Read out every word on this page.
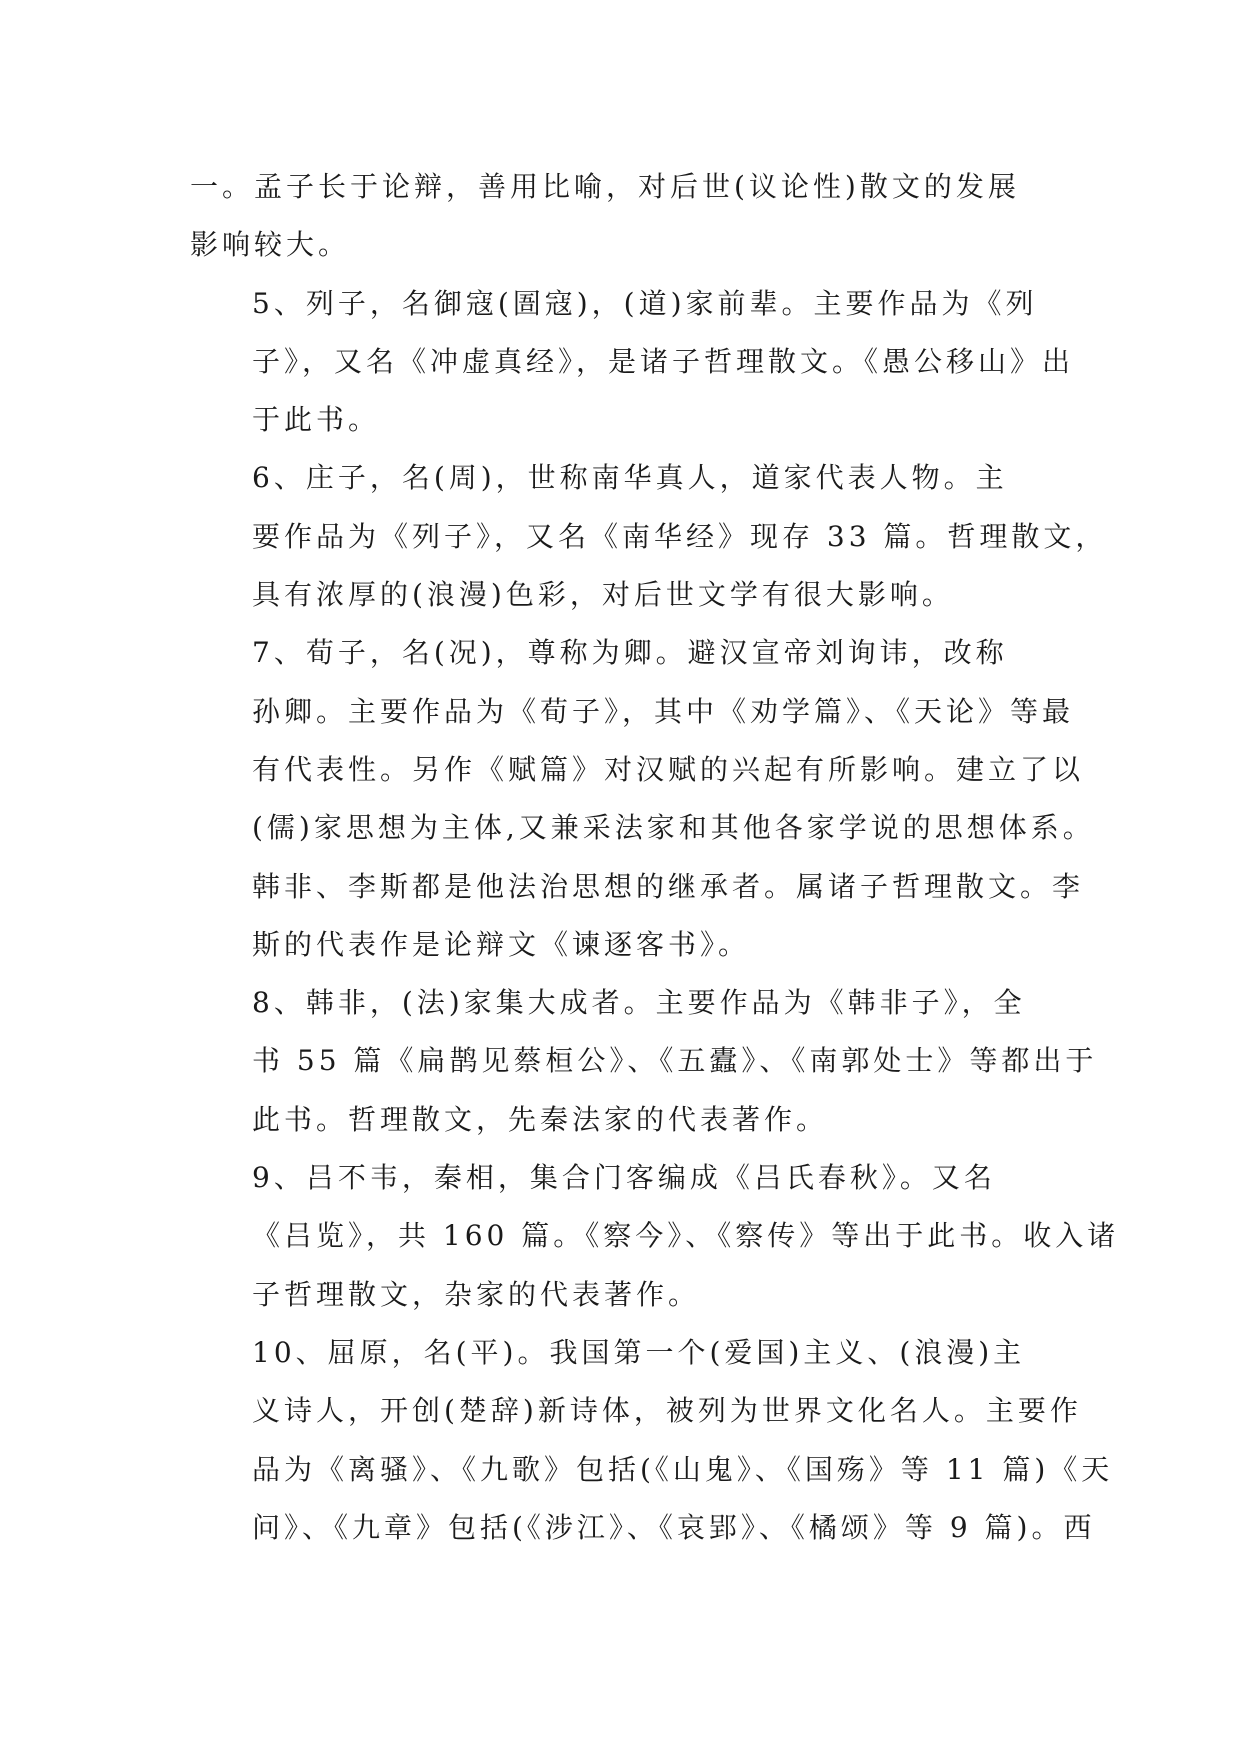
一。孟子长于论辩，善用比喻，对后世(议论性)散文的发展
影响较大。

5、列子，名御寇(圄寇)，(道)家前辈。主要作品为《列
子》，又名《冲虚真经》，是诸子哲理散文。《愚公移山》出
于此书。

6、庄子，名(周)，世称南华真人，道家代表人物。主
要作品为《列子》，又名《南华经》现存 33 篇。哲理散文，
具有浓厚的(浪漫)色彩，对后世文学有很大影响。

7、荀子，名(况)，尊称为卿。避汉宣帝刘询讳，改称
孙卿。主要作品为《荀子》，其中《劝学篇》、《天论》等最
有代表性。另作《赋篇》对汉赋的兴起有所影响。建立了以
(儒)家思想为主体,又兼采法家和其他各家学说的思想体系。
韩非、李斯都是他法治思想的继承者。属诸子哲理散文。李
斯的代表作是论辩文《谏逐客书》。

8、韩非，(法)家集大成者。主要作品为《韩非子》，全
书 55 篇《扁鹊见蔡桓公》、《五蠹》、《南郭处士》等都出于
此书。哲理散文，先秦法家的代表著作。

9、吕不韦，秦相，集合门客编成《吕氏春秋》。又名
《吕览》，共 160 篇。《察今》、《察传》等出于此书。收入诸
子哲理散文，杂家的代表著作。

10、屈原，名(平)。我国第一个(爱国)主义、(浪漫)主
义诗人，开创(楚辞)新诗体，被列为世界文化名人。主要作
品为《离骚》、《九歌》包括(《山鬼》、《国殇》等 11 篇)《天
问》、《九章》包括(《涉江》、《哀郢》、《橘颂》等 9 篇)。西
